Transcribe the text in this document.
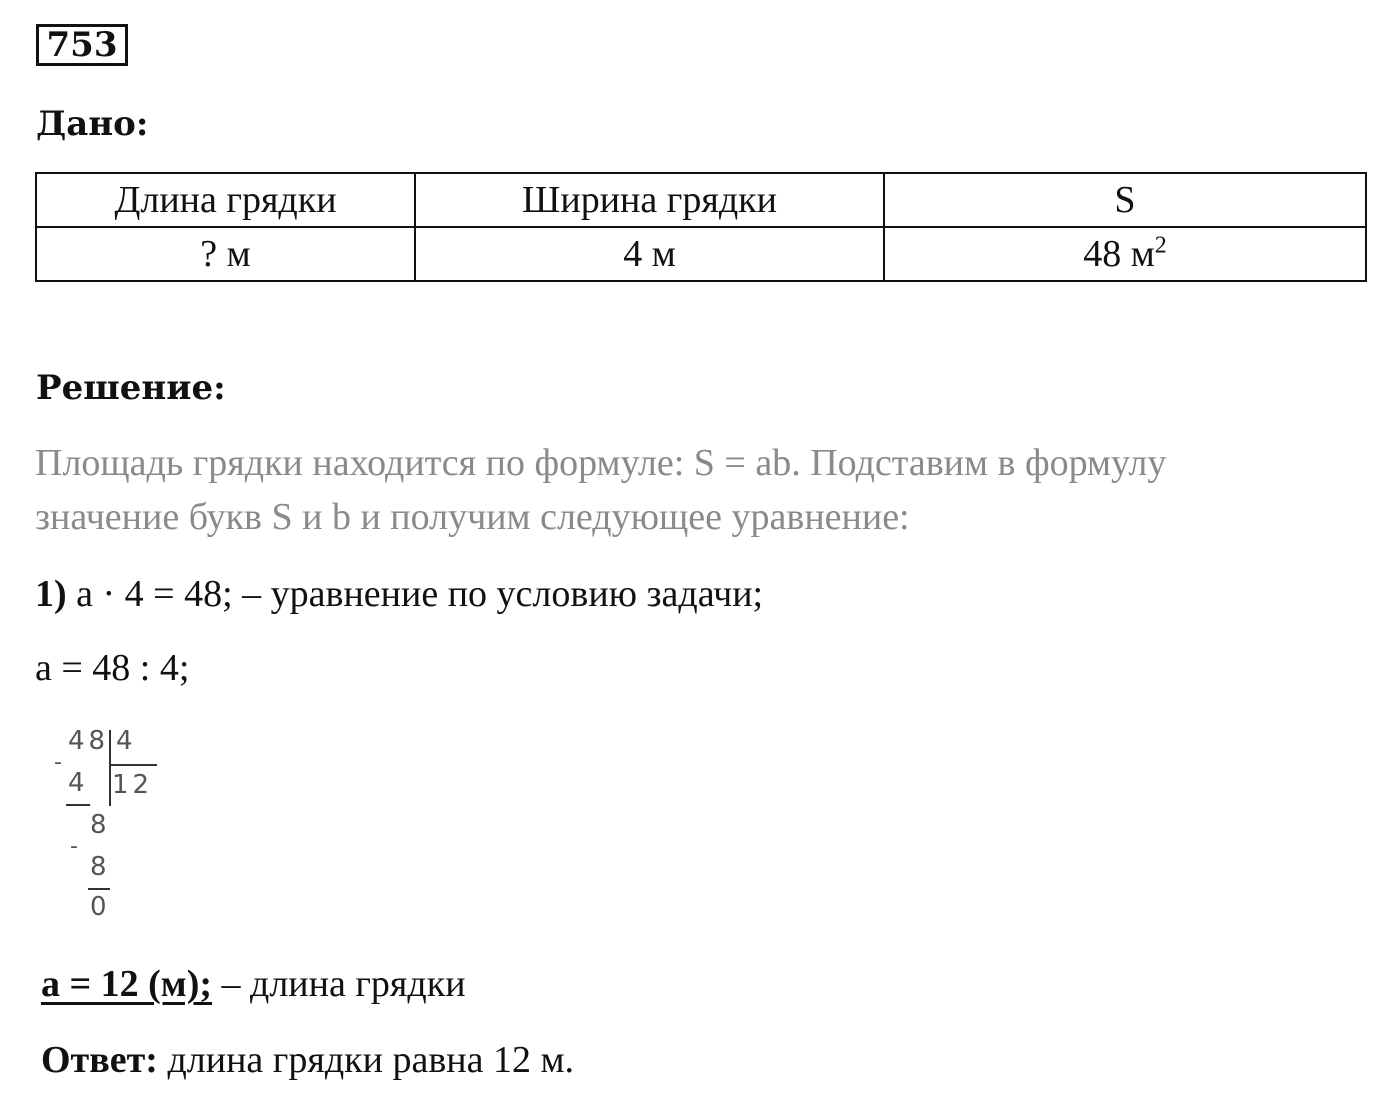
753
Дано:
Длина грядки	Ширина грядки	S
? м	4 м	48 $м^2$
Решение:
Площадь грядки находится по формуле: S = ab. Подставим в формулу
значение букв S и b и получим следующее уравнение:
1) a · 4 = 48; – уравнение по условию задачи;
a = 48 : 4;
48 4
-
4 12
8
-
8
0
a = 12 (м); – длина грядки
Ответ: длина грядки равна 12 м.
